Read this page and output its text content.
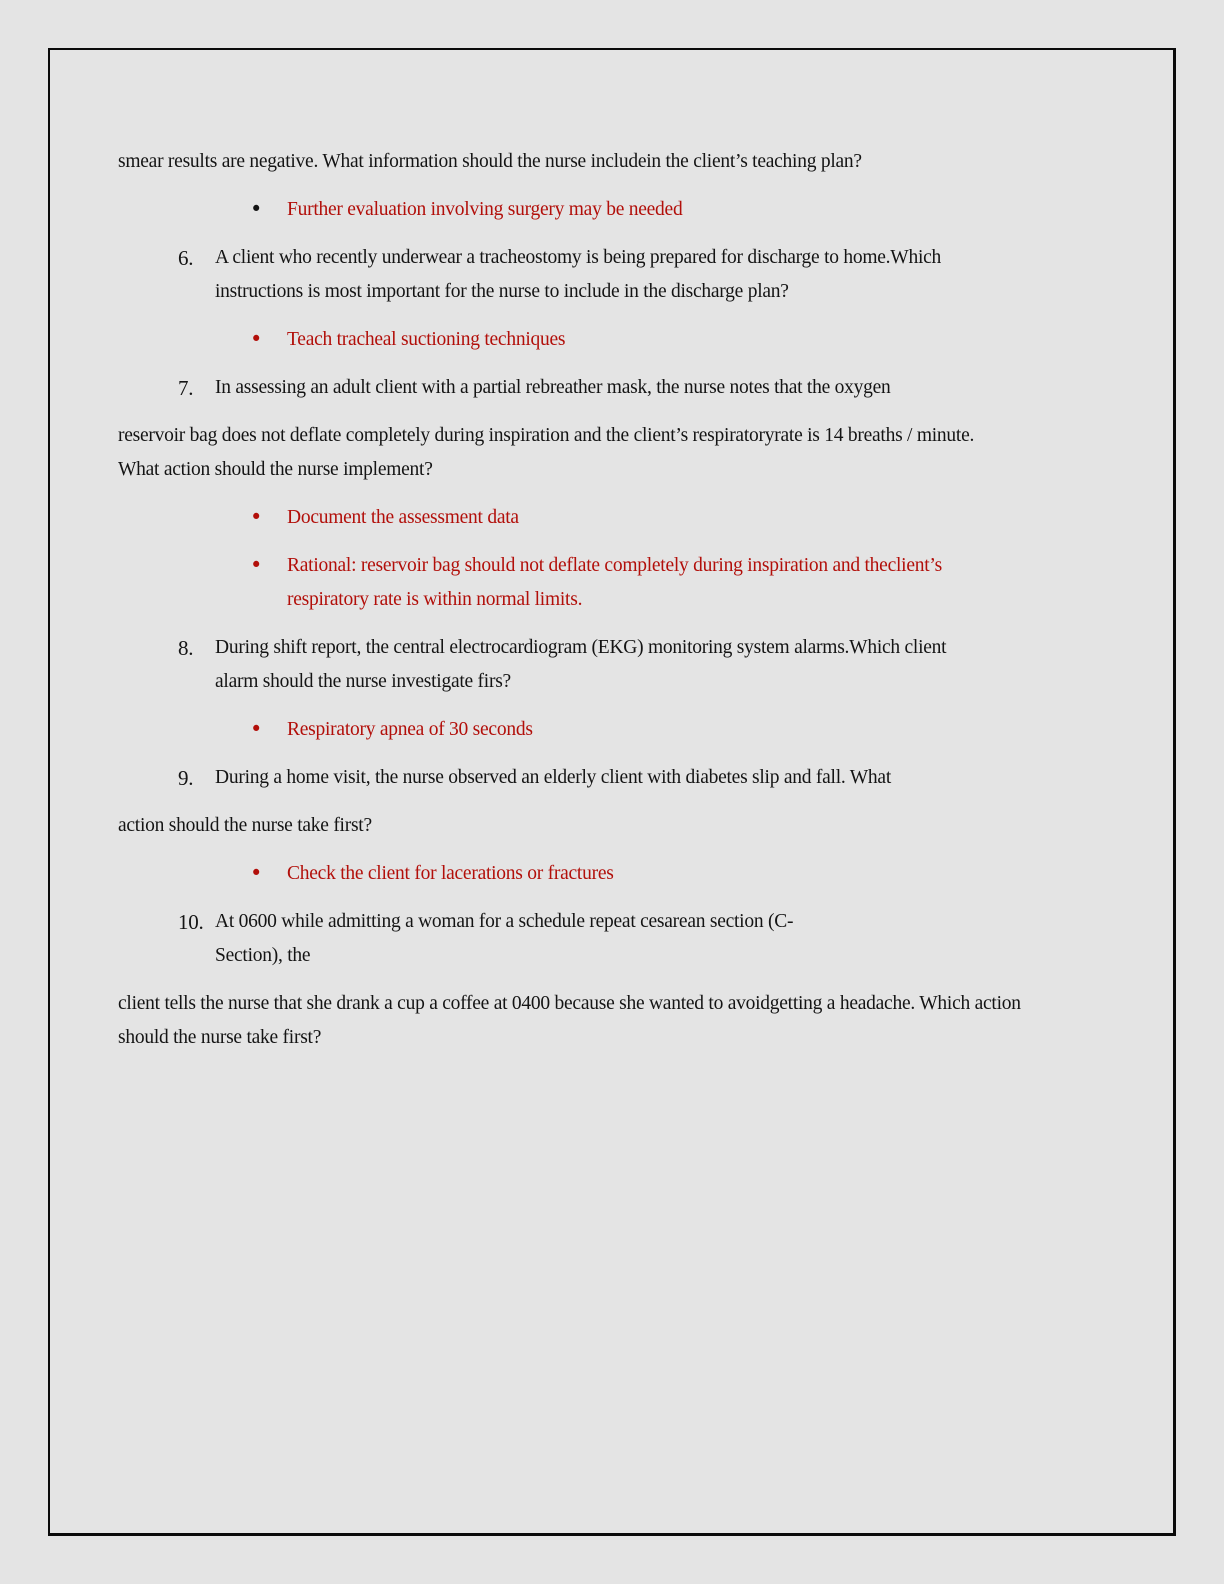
smear results are negative. What information should the nurse includein the client’s teaching plan?
• Further evaluation involving surgery may be needed
6. A client who recently underwear a tracheostomy is being prepared for discharge to home.Which
instructions is most important for the nurse to include in the discharge plan?
• Teach tracheal suctioning techniques
7. In assessing an adult client with a partial rebreather mask, the nurse notes that the oxygen
reservoir bag does not deflate completely during inspiration and the client’s respiratoryrate is 14 breaths / minute.
What action should the nurse implement?
• Document the assessment data
• Rational: reservoir bag should not deflate completely during inspiration and theclient’s
respiratory rate is within normal limits.
8. During shift report, the central electrocardiogram (EKG) monitoring system alarms.Which client
alarm should the nurse investigate firs?
• Respiratory apnea of 30 seconds
9. During a home visit, the nurse observed an elderly client with diabetes slip and fall. What
action should the nurse take first?
• Check the client for lacerations or fractures
10. At 0600 while admitting a woman for a schedule repeat cesarean section (C-
Section), the
client tells the nurse that she drank a cup a coffee at 0400 because she wanted to avoidgetting a headache. Which action
should the nurse take first?
